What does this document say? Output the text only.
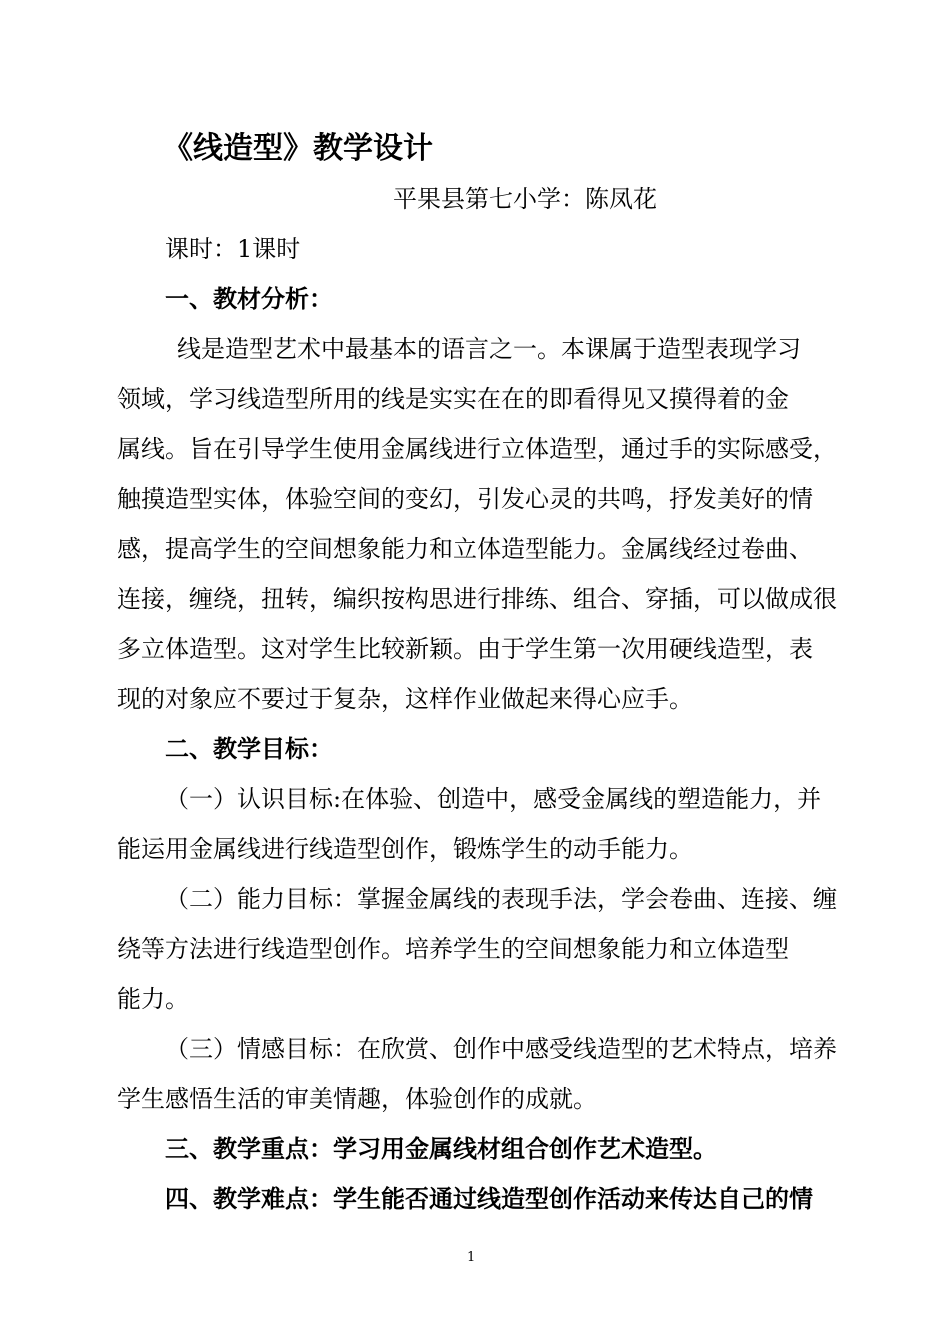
《线造型》教学设计
平果县第七小学：陈凤花
课时：1课时
一、教材分析：
线是造型艺术中最基本的语言之一。本课属于造型表现学习
领域，学习线造型所用的线是实实在在的即看得见又摸得着的金
属线。旨在引导学生使用金属线进行立体造型，通过手的实际感受，
触摸造型实体，体验空间的变幻，引发心灵的共鸣，抒发美好的情
感，提高学生的空间想象能力和立体造型能力。金属线经过卷曲、
连接，缠绕，扭转，编织按构思进行排练、组合、穿插，可以做成很
多立体造型。这对学生比较新颖。由于学生第一次用硬线造型，表
现的对象应不要过于复杂，这样作业做起来得心应手。
二、教学目标：
（一）认识目标:在体验、创造中，感受金属线的塑造能力，并
能运用金属线进行线造型创作，锻炼学生的动手能力。
（二）能力目标：掌握金属线的表现手法，学会卷曲、连接、缠
绕等方法进行线造型创作。培养学生的空间想象能力和立体造型
能力。
（三）情感目标：在欣赏、创作中感受线造型的艺术特点，培养
学生感悟生活的审美情趣，体验创作的成就。
三、教学重点：学习用金属线材组合创作艺术造型。
四、教学难点：学生能否通过线造型创作活动来传达自己的情
1
